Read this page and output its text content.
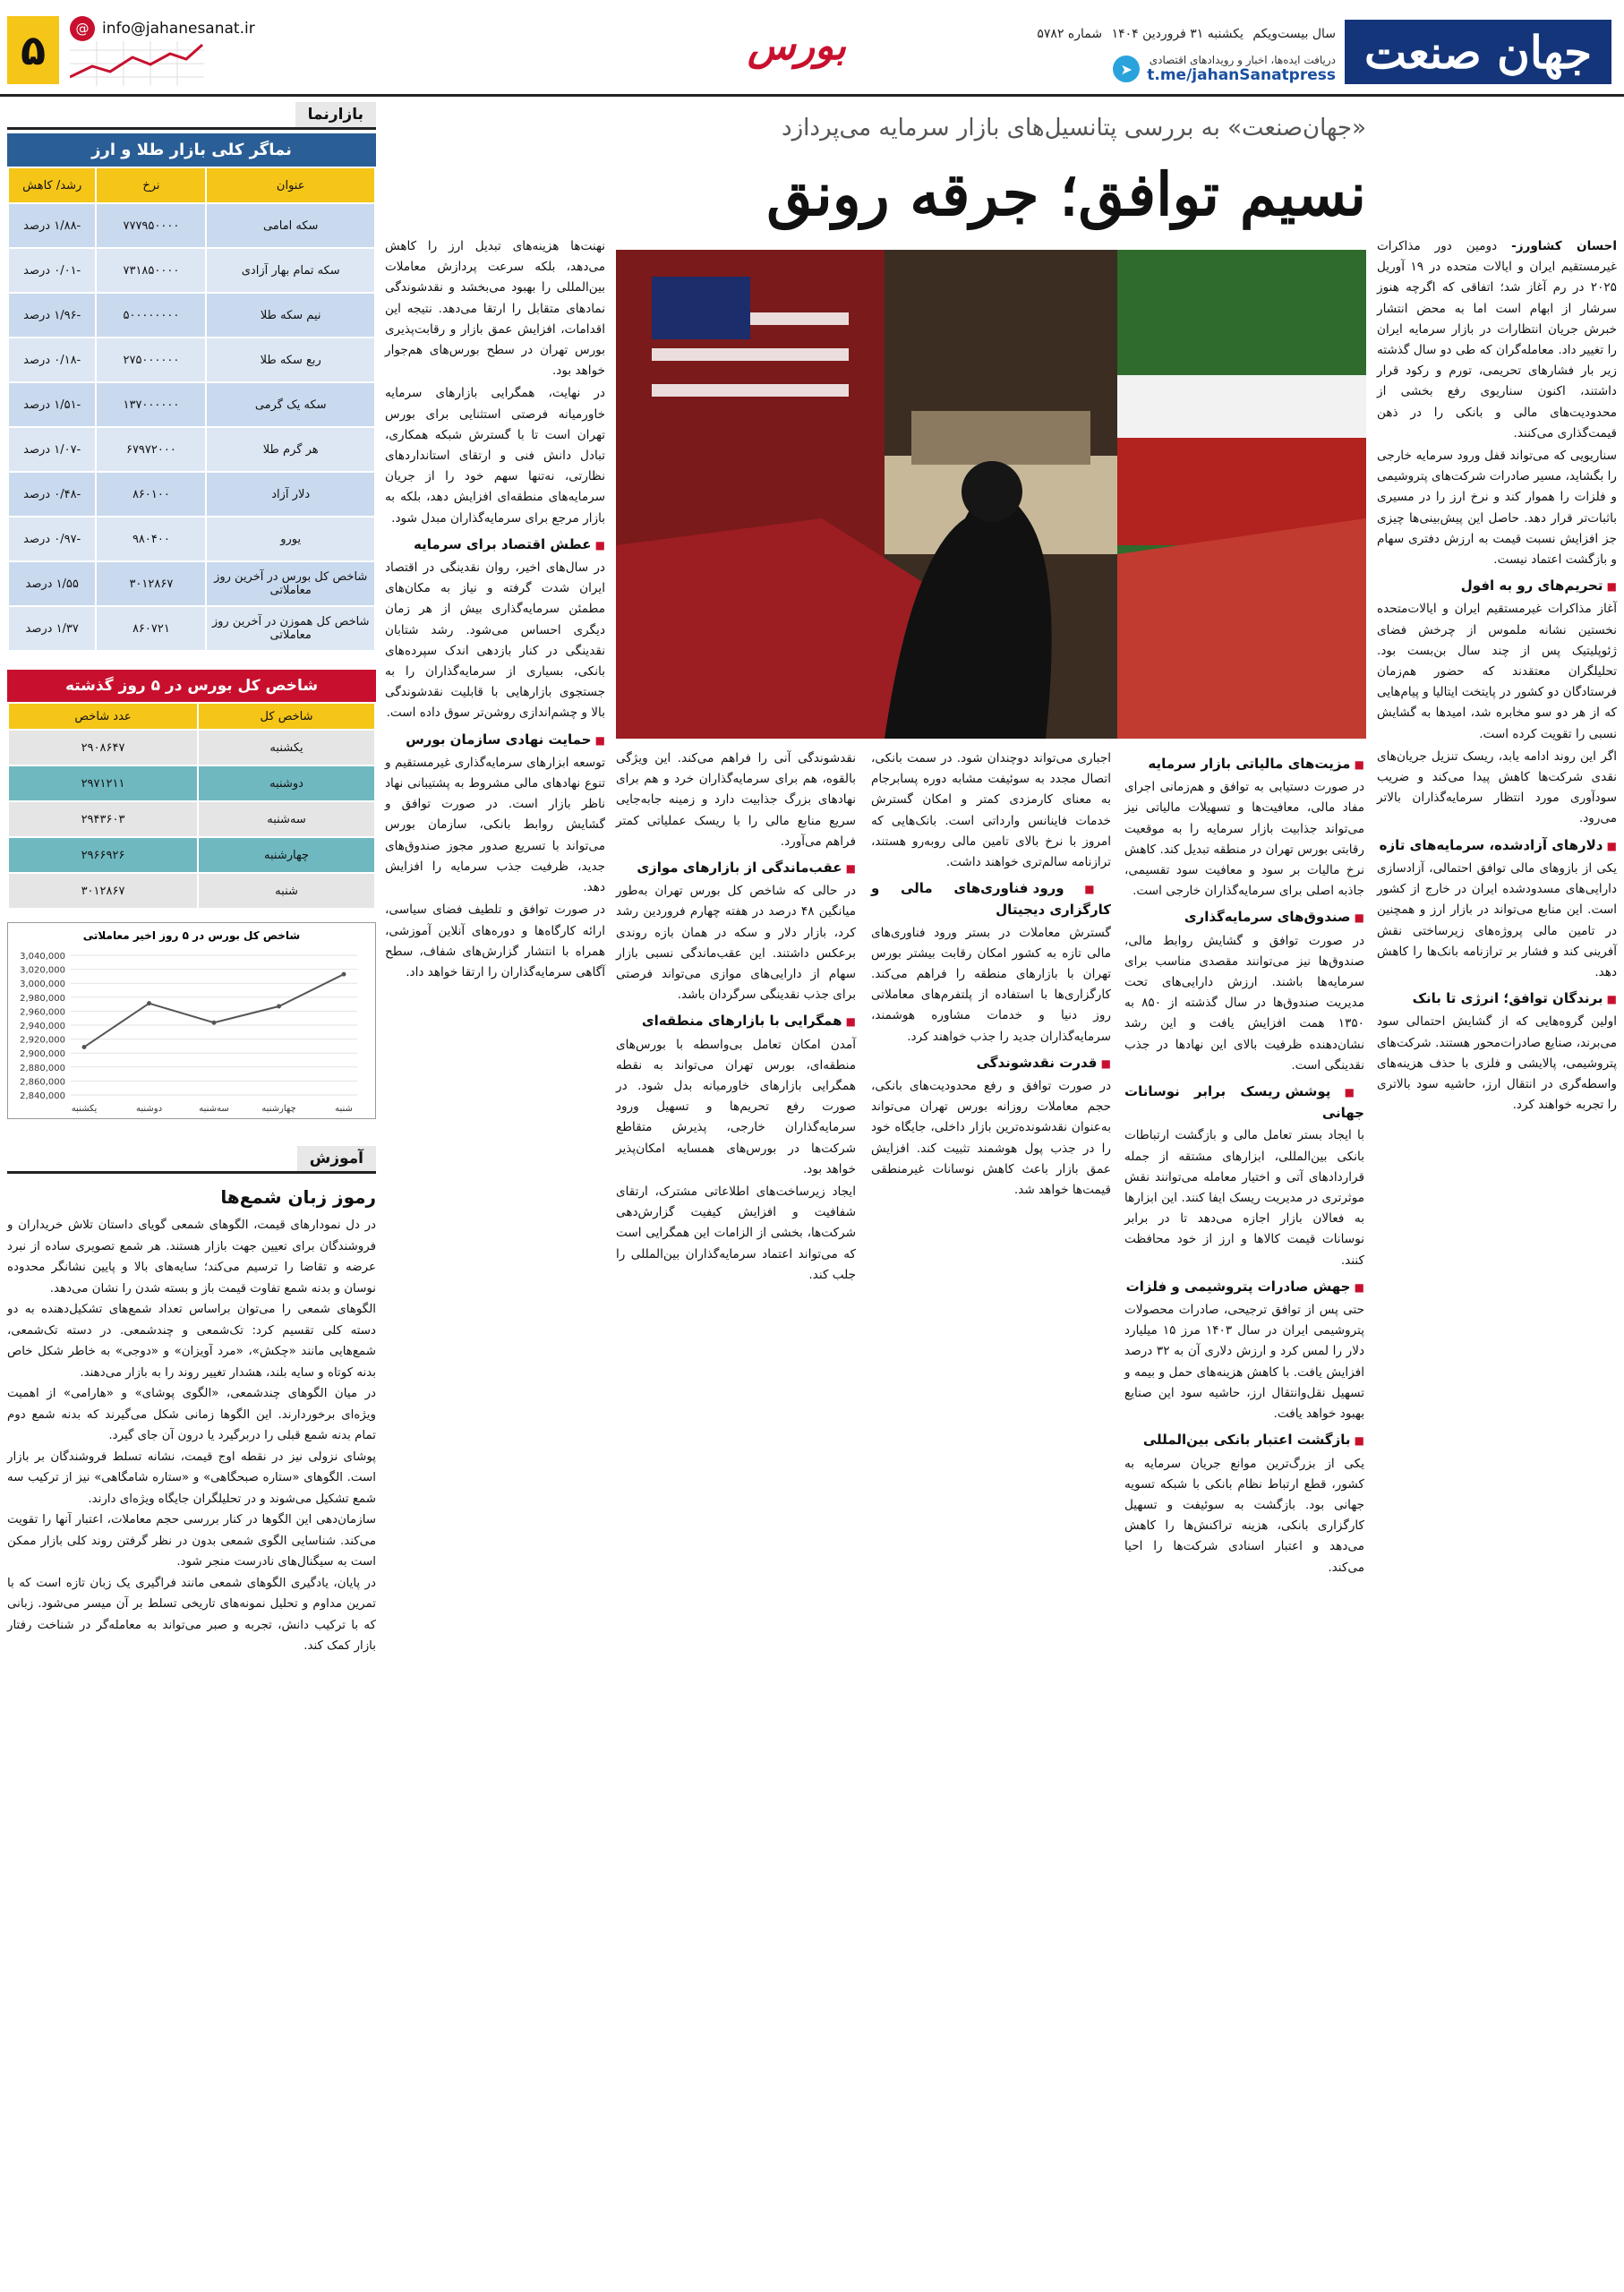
جهان صنعت
سال بیست‌ویکم یکشنبه ۳۱ فروردین ۱۴۰۴ شماره ۵۷۸۲
دریافت ایده‌ها، اخبار و رویدادهای اقتصادی
t.me/jahanSanatpress
➤
بورس
@ info@jahanesanat.ir
۵
بازارنما
نماگر کلی بازار طلا و ارز
عنوان	نرخ	رشد/ کاهش
سکه امامی	۷۷۷۹۵۰۰۰۰	-۱/۸۸ درصد
سکه تمام بهار آزادی	۷۳۱۸۵۰۰۰۰	-۰/۰۱ درصد
نیم سکه طلا	۵۰۰۰۰۰۰۰۰	-۱/۹۶ درصد
ربع سکه طلا	۲۷۵۰۰۰۰۰۰	-۰/۱۸ درصد
سکه یک گرمی	۱۳۷۰۰۰۰۰۰	-۱/۵۱ درصد
هر گرم طلا	۶۷۹۷۲۰۰۰	-۱/۰۷ درصد
دلار آزاد	۸۶۰۱۰۰	-۰/۴۸ درصد
یورو	۹۸۰۴۰۰	-۰/۹۷ درصد
شاخص کل بورس در آخرین روز معاملاتی	۳۰۱۲۸۶۷	۱/۵۵ درصد
شاخص کل هموزن در آخرین روز معاملاتی	۸۶۰۷۲۱	۱/۳۷ درصد
شاخص کل بورس در ۵ روز گذشته
شاخص کل	عدد شاخص
یکشنبه	۲۹۰۸۶۴۷
دوشنبه	۲۹۷۱۲۱۱
سه‌شنبه	۲۹۴۳۶۰۳
چهارشنبه	۲۹۶۶۹۲۶
شنبه	۳۰۱۲۸۶۷
شاخص کل بورس در ۵ روز اخیر معاملاتی
3,040,000
3,020,000
3,000,000
2,980,000
2,960,000
2,940,000
2,920,000
2,900,000
2,880,000
2,860,000
2,840,000
یکشنبه	دوشنبه	سه‌شنبه	چهارشنبه	شنبه
آموزش
رموز زبان شمع‌ها

در دل نمودارهای قیمت، الگوهای شمعی گویای داستان تلاش خریداران و فروشندگان برای تعیین جهت بازار هستند. هر شمع تصویری ساده از نبرد عرضه و تقاضا را ترسیم می‌کند؛ سایه‌های بالا و پایین نشانگر محدوده نوسان و بدنه شمع تفاوت قیمت باز و بسته شدن را نشان می‌دهد.

الگوهای شمعی را می‌توان براساس تعداد شمع‌های تشکیل‌دهنده به دو دسته کلی تقسیم کرد: تک‌شمعی و چندشمعی. در دسته تک‌شمعی، شمع‌هایی مانند «چکش»، «مرد آویزان» و «دوجی» به خاطر شکل خاص بدنه کوتاه و سایه بلند، هشدار تغییر روند را به بازار می‌دهند.

در میان الگوهای چندشمعی، «الگوی پوشای» و «هارامی» از اهمیت ویژه‌ای برخوردارند. این الگوها زمانی شکل می‌گیرند که بدنه شمع دوم تمام بدنه شمع قبلی را دربرگیرد یا درون آن جای گیرد.

پوشای نزولی نیز در نقطه اوج قیمت، نشانه تسلط فروشندگان بر بازار است. الگوهای «ستاره صبحگاهی» و «ستاره شامگاهی» نیز از ترکیب سه شمع تشکیل می‌شوند و در تحلیلگران جایگاه ویژه‌ای دارند.

سازمان‌دهی این الگوها در کنار بررسی حجم معاملات، اعتبار آنها را تقویت می‌کند. شناسایی الگوی شمعی بدون در نظر گرفتن روند کلی بازار ممکن است به سیگنال‌های نادرست منجر شود.

در پایان، یادگیری الگوهای شمعی مانند فراگیری یک زبان تازه است که با تمرین مداوم و تحلیل نمونه‌های تاریخی تسلط بر آن میسر می‌شود. زبانی که با ترکیب دانش، تجربه و صبر می‌تواند به معامله‌گر در شناخت رفتار بازار کمک کند.

«جهان‌صنعت» به بررسی پتانسیل‌های بازار سرمایه می‌پردازد
نسیم توافق؛ جرقه رونق

احسان کشاورز- دومین دور مذاکرات غیرمستقیم ایران و ایالات متحده در ۱۹ آوریل ۲۰۲۵ در رم آغاز شد؛ اتفاقی که اگرچه هنوز سرشار از ابهام است اما به محض انتشار خبرش جریان انتظارات در بازار سرمایه ایران را تغییر داد. معامله‌گران که طی دو سال گذشته زیر بار فشارهای تحریمی، تورم و رکود قرار داشتند، اکنون سناریوی رفع بخشی از محدودیت‌های مالی و بانکی را در ذهن قیمت‌گذاری می‌کنند.

سناریویی که می‌تواند قفل ورود سرمایه خارجی را بگشاید، مسیر صادرات شرکت‌های پتروشیمی و فلزات را هموار کند و نرخ ارز را در مسیری باثبات‌تر قرار دهد. حاصل این پیش‌بینی‌ها چیزی جز افزایش نسبت قیمت به ارزش دفتری سهام و بازگشت اعتماد نیست.

■ تحریم‌های رو به افول

آغاز مذاکرات غیرمستقیم ایران و ایالات‌متحده نخستین نشانه ملموس از چرخش فضای ژئوپلیتیک پس از چند سال بن‌بست بود. تحلیلگران معتقدند که حضور هم‌زمان فرستادگان دو کشور در پایتخت ایتالیا و پیام‌هایی که از هر دو سو مخابره شد، امیدها به گشایش نسبی را تقویت کرده است.

اگر این روند ادامه یابد، ریسک تنزیل جریان‌های نقدی شرکت‌ها کاهش پیدا می‌کند و ضریب سودآوری مورد انتظار سرمایه‌گذاران بالاتر می‌رود.

■ دلارهای آزادشده، سرمایه‌های تازه

یکی از بازوهای مالی توافق احتمالی، آزادسازی دارایی‌های مسدودشده ایران در خارج از کشور است. این منابع می‌تواند در بازار ارز و همچنین در تامین مالی پروژه‌های زیرساختی نقش آفرینی کند و فشار بر ترازنامه بانک‌ها را کاهش دهد.

■ برندگان توافق؛ انرژی تا بانک

اولین گروه‌هایی که از گشایش احتمالی سود می‌برند، صنایع صادرات‌محور هستند. شرکت‌های پتروشیمی، پالایشی و فلزی با حذف هزینه‌های واسطه‌گری در انتقال ارز، حاشیه سود بالاتری را تجربه خواهند کرد.

■ مزیت‌های مالیاتی بازار سرمایه

در صورت دستیابی به توافق و هم‌زمانی اجرای مفاد مالی، معافیت‌ها و تسهیلات مالیاتی نیز می‌تواند جذابیت بازار سرمایه را به موقعیت رقابتی بورس تهران در منطقه تبدیل کند. کاهش نرخ مالیات بر سود و معافیت سود تقسیمی، جاذبه اصلی برای سرمایه‌گذاران خارجی است.

■ صندوق‌های سرمایه‌گذاری

در صورت توافق و گشایش روابط مالی، صندوق‌ها نیز می‌توانند مقصدی مناسب برای سرمایه‌ها باشند. ارزش دارایی‌های تحت مدیریت صندوق‌ها در سال گذشته از ۸۵۰ به ۱۳۵۰ همت افزایش یافت و این رشد نشان‌دهنده ظرفیت بالای این نهادها در جذب نقدینگی است.

■ پوشش ریسک برابر نوسانات جهانی

با ایجاد بستر تعامل مالی و بازگشت ارتباطات بانکی بین‌المللی، ابزارهای مشتقه از جمله قراردادهای آتی و اختیار معامله می‌توانند نقش موثرتری در مدیریت ریسک ایفا کنند. این ابزارها به فعالان بازار اجازه می‌دهد تا در برابر نوسانات قیمت کالاها و ارز از خود محافظت کنند.

■ جهش صادرات پتروشیمی و فلزات

حتی پس از توافق ترجیحی، صادرات محصولات پتروشیمی ایران در سال ۱۴۰۳ مرز ۱۵ میلیارد دلار را لمس کرد و ارزش دلاری آن به ۳۲ درصد افزایش یافت. با کاهش هزینه‌های حمل و بیمه و تسهیل نقل‌وانتقال ارز، حاشیه سود این صنایع بهبود خواهد یافت.

■ بازگشت اعتبار بانکی بین‌المللی

یکی از بزرگ‌ترین موانع جریان سرمایه به کشور، قطع ارتباط نظام بانکی با شبکه تسویه جهانی بود. بازگشت به سوئیفت و تسهیل کارگزاری بانکی، هزینه تراکنش‌ها را کاهش می‌دهد و اعتبار اسنادی شرکت‌ها را احیا می‌کند.

اجباری می‌تواند دوچندان شود. در سمت بانکی، اتصال مجدد به سوئیفت مشابه دوره پسابرجام به معنای کارمزدی کمتر و امکان گسترش خدمات فاینانس وارداتی است. بانک‌هایی که امروز با نرخ بالای تامین مالی روبه‌رو هستند، ترازنامه سالم‌تری خواهند داشت.

■ ورود فناوری‌های مالی و کارگزاری دیجیتال

گسترش معاملات در بستر ورود فناوری‌های مالی تازه به کشور امکان رقابت بیشتر بورس تهران با بازارهای منطقه را فراهم می‌کند. کارگزاری‌ها با استفاده از پلتفرم‌های معاملاتی روز دنیا و خدمات مشاوره هوشمند، سرمایه‌گذاران جدید را جذب خواهند کرد.

■ قدرت نقدشوندگی

در صورت توافق و رفع محدودیت‌های بانکی، حجم معاملات روزانه بورس تهران می‌تواند به‌عنوان نقدشونده‌ترین بازار داخلی، جایگاه خود را در جذب پول هوشمند تثبیت کند. افزایش عمق بازار باعث کاهش نوسانات غیرمنطقی قیمت‌ها خواهد شد.

نقدشوندگی آنی را فراهم می‌کند. این ویژگی بالقوه، هم برای سرمایه‌گذاران خرد و هم برای نهادهای بزرگ جذابیت دارد و زمینه جابه‌جایی سریع منابع مالی را با ریسک عملیاتی کمتر فراهم می‌آورد.

■ عقب‌ماندگی از بازارهای موازی

در حالی که شاخص کل بورس تهران به‌طور میانگین ۴۸ درصد در هفته چهارم فروردین رشد کرد، بازار دلار و سکه در همان بازه روندی برعکس داشتند. این عقب‌ماندگی نسبی بازار سهام از دارایی‌های موازی می‌تواند فرصتی برای جذب نقدینگی سرگردان باشد.

■ همگرایی با بازارهای منطقه‌ای

آمدن امکان تعامل بی‌واسطه با بورس‌های منطقه‌ای، بورس تهران می‌تواند به نقطه همگرایی بازارهای خاورمیانه بدل شود. در صورت رفع تحریم‌ها و تسهیل ورود سرمایه‌گذاران خارجی، پذیرش متقاطع شرکت‌ها در بورس‌های همسایه امکان‌پذیر خواهد بود.

ایجاد زیرساخت‌های اطلاعاتی مشترک، ارتقای شفافیت و افزایش کیفیت گزارش‌دهی شرکت‌ها، بخشی از الزامات این همگرایی است که می‌تواند اعتماد سرمایه‌گذاران بین‌المللی را جلب کند.

نهنت‌ها هزینه‌های تبدیل ارز را کاهش می‌دهد، بلکه سرعت پردازش معاملات بین‌المللی را بهبود می‌بخشد و نقدشوندگی نمادهای متقابل را ارتقا می‌دهد. نتیجه این اقدامات، افزایش عمق بازار و رقابت‌پذیری بورس تهران در سطح بورس‌های هم‌جوار خواهد بود.

در نهایت، همگرایی بازارهای سرمایه خاورمیانه فرصتی استثنایی برای بورس تهران است تا با گسترش شبکه همکاری، تبادل دانش فنی و ارتقای استانداردهای نظارتی، نه‌تنها سهم خود را از جریان سرمایه‌های منطقه‌ای افزایش دهد، بلکه به بازار مرجع برای سرمایه‌گذاران مبدل شود.

■ عطش اقتصاد برای سرمایه

در سال‌های اخیر، روان نقدینگی در اقتصاد ایران شدت گرفته و نیاز به مکان‌های مطمئن سرمایه‌گذاری بیش از هر زمان دیگری احساس می‌شود. رشد شتابان نقدینگی در کنار بازدهی اندک سپرده‌های بانکی، بسیاری از سرمایه‌گذاران را به جستجوی بازارهایی با قابلیت نقدشوندگی بالا و چشم‌اندازی روشن‌تر سوق داده است.

■ حمایت نهادی سازمان بورس

توسعه ابزارهای سرمایه‌گذاری غیرمستقیم و تنوع نهادهای مالی مشروط به پشتیبانی نهاد ناظر بازار است. در صورت توافق و گشایش روابط بانکی، سازمان بورس می‌تواند با تسریع صدور مجوز صندوق‌های جدید، ظرفیت جذب سرمایه را افزایش دهد.

در صورت توافق و تلطیف فضای سیاسی، ارائه کارگاه‌ها و دوره‌های آنلاین آموزشی، همراه با انتشار گزارش‌های شفاف، سطح آگاهی سرمایه‌گذاران را ارتقا خواهد داد.
